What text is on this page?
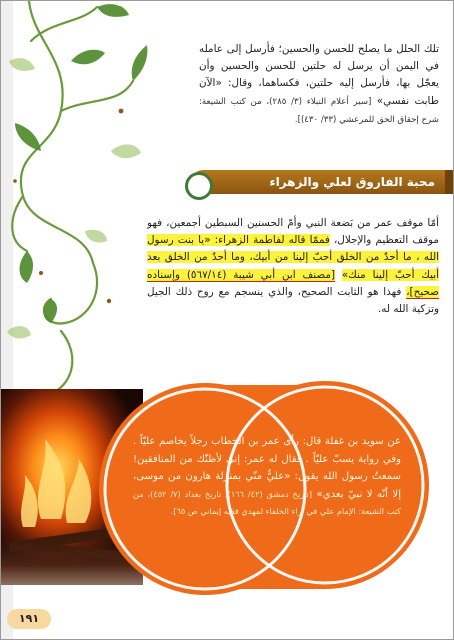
تلك الحلل ما يصلح للحسن والحسين؛ فأرسل إلى عامله في اليمن أن يرسل له حلتين للحسن والحسين وأن يعجّل بها، فأرسل إليه حلتين، فكساهما، وقال: «الآن طابت نفسي» [سير أعلام النبلاء (٣/ ٢٨٥)، من كتب الشيعة: شرح إحقاق الحق للمرعشي (٣٣/ ٤٣٠)].
محبة الفاروق لعلي والزهراء
أمّا موقف عمر من بَضعة النبي وأمّ الحسنين السبطين أجمعين، فهو موقف التعظيم والإجلال، فممّا قاله لفاطمة الزهراء: «يا بنت رسول الله ، ما أحدٌ من الخلق أحبّ إلينا من أبيك، وما أحدٌ من الخلق بعد أبيك أحبّ إلينا منك» [مصنف ابن أبي شيبة (٥٦٧/١٤) وإسناده صحيح]، فهذا هو الثابت الصحيح، والذي ينسجم مع روح ذلك الجيل وتزكية الله له.
عن سويد بن غفلة قال: رأى عمر بن الخطاب رجلاً يخاصم عليّاً . وفي رواية يسبّ عليّاً . فقال له عمر: إني لأظنّك من المنافقين! سمعتُ رسول الله يقول: «عليٌّ منّي بمنزلة هارون من موسى، إلا أنّه لا نبيّ بعدي» [تاريخ دمشق (٤٢/ ١٦٦)؛ تاريخ بغداد (٧/ ٤٥٢)، من كتب الشيعة: الإمام علي في آراء الخلفاء لمهدي فقيه إيماني ص ٦٥].
١٩١
